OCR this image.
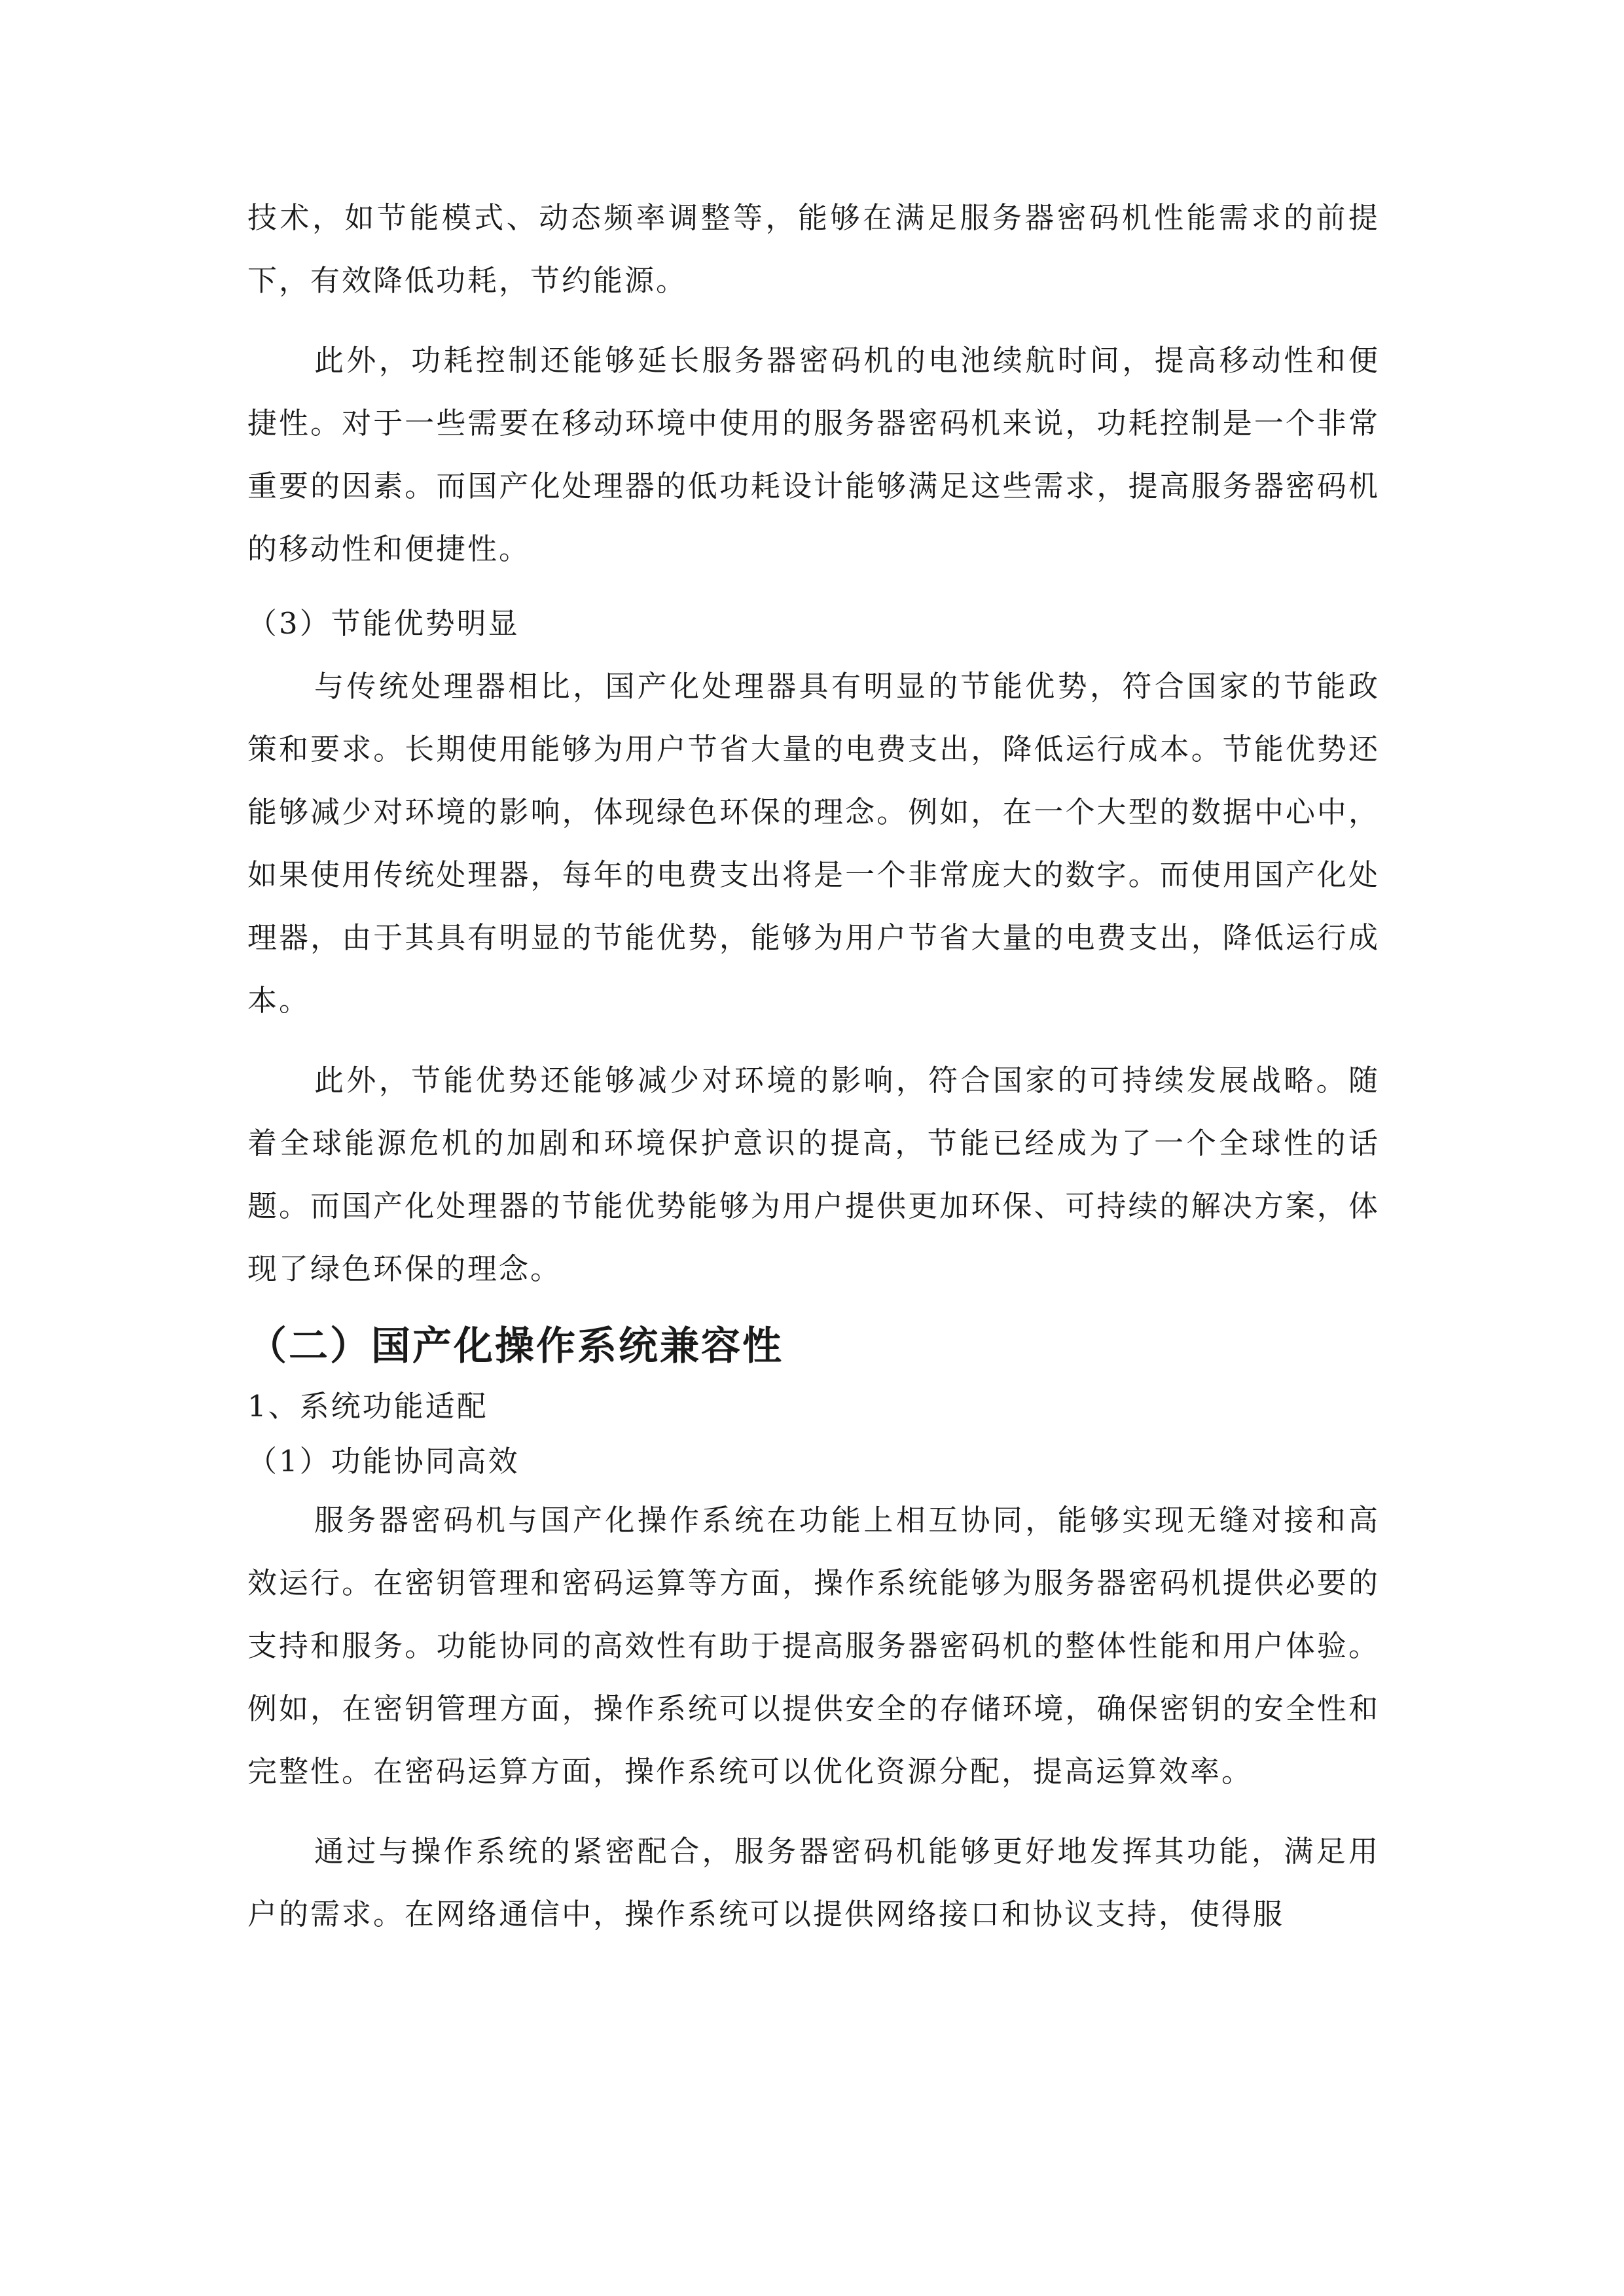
技术，如节能模式、动态频率调整等，能够在满足服务器密码机性能需求的前提下，有效降低功耗，节约能源。

此外，功耗控制还能够延长服务器密码机的电池续航时间，提高移动性和便捷性。对于一些需要在移动环境中使用的服务器密码机来说，功耗控制是一个非常重要的因素。而国产化处理器的低功耗设计能够满足这些需求，提高服务器密码机的移动性和便捷性。

（3）节能优势明显

与传统处理器相比，国产化处理器具有明显的节能优势，符合国家的节能政策和要求。长期使用能够为用户节省大量的电费支出，降低运行成本。节能优势还能够减少对环境的影响，体现绿色环保的理念。例如，在一个大型的数据中心中，如果使用传统处理器，每年的电费支出将是一个非常庞大的数字。而使用国产化处理器，由于其具有明显的节能优势，能够为用户节省大量的电费支出，降低运行成本。

此外，节能优势还能够减少对环境的影响，符合国家的可持续发展战略。随着全球能源危机的加剧和环境保护意识的提高，节能已经成为了一个全球性的话题。而国产化处理器的节能优势能够为用户提供更加环保、可持续的解决方案，体现了绿色环保的理念。

（二）国产化操作系统兼容性

1、系统功能适配

（1）功能协同高效

服务器密码机与国产化操作系统在功能上相互协同，能够实现无缝对接和高效运行。在密钥管理和密码运算等方面，操作系统能够为服务器密码机提供必要的支持和服务。功能协同的高效性有助于提高服务器密码机的整体性能和用户体验。例如，在密钥管理方面，操作系统可以提供安全的存储环境，确保密钥的安全性和完整性。在密码运算方面，操作系统可以优化资源分配，提高运算效率。

通过与操作系统的紧密配合，服务器密码机能够更好地发挥其功能，满足用户的需求。在网络通信中，操作系统可以提供网络接口和协议支持，使得服
